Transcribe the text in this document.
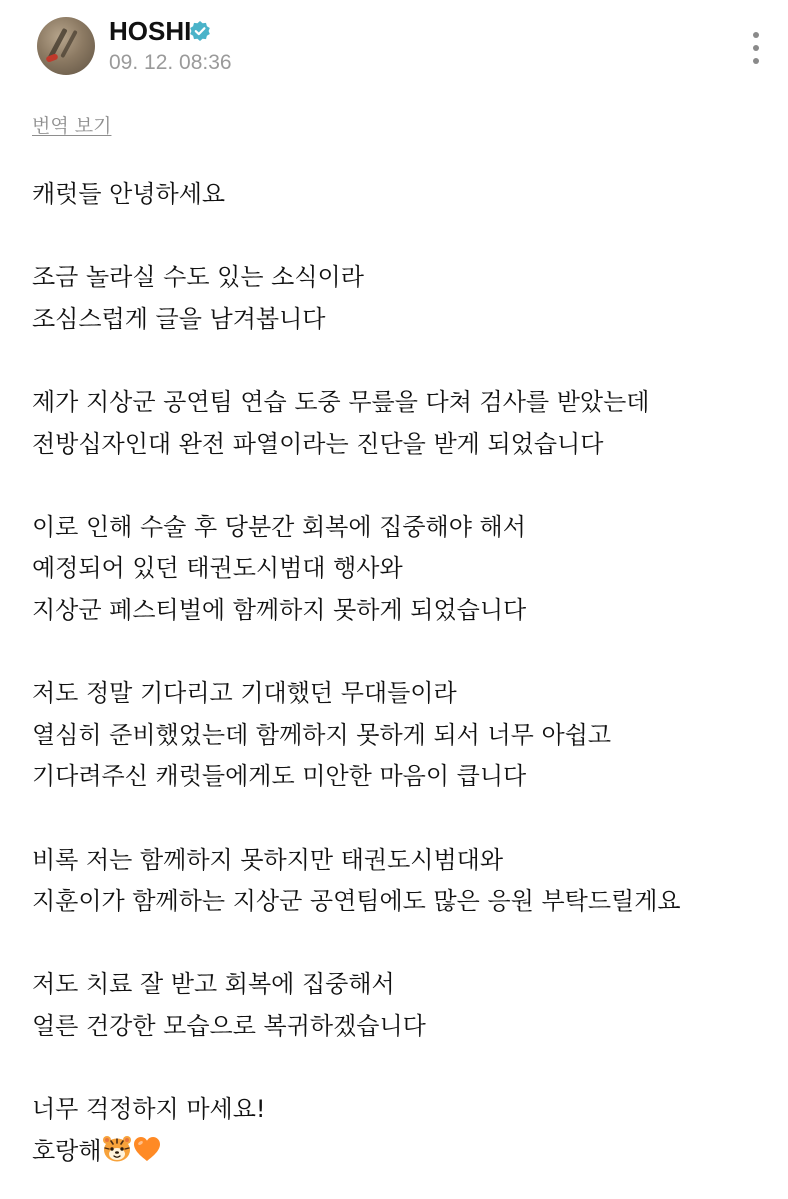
HOSHI
09. 12. 08:36
번역 보기
캐럿들 안녕하세요
조금 놀라실 수도 있는 소식이라
조심스럽게 글을 남겨봅니다
제가 지상군 공연팀 연습 도중 무릎을 다쳐 검사를 받았는데
전방십자인대 완전 파열이라는 진단을 받게 되었습니다
이로 인해 수술 후 당분간 회복에 집중해야 해서
예정되어 있던 태권도시범대 행사와
지상군 페스티벌에 함께하지 못하게 되었습니다
저도 정말 기다리고 기대했던 무대들이라
열심히 준비했었는데 함께하지 못하게 되서 너무 아쉽고
기다려주신 캐럿들에게도 미안한 마음이 큽니다
비록 저는 함께하지 못하지만 태권도시범대와
지훈이가 함께하는 지상군 공연팀에도 많은 응원 부탁드릴게요
저도 치료 잘 받고 회복에 집중해서
얼른 건강한 모습으로 복귀하겠습니다
너무 걱정하지 마세요!
호랑해
